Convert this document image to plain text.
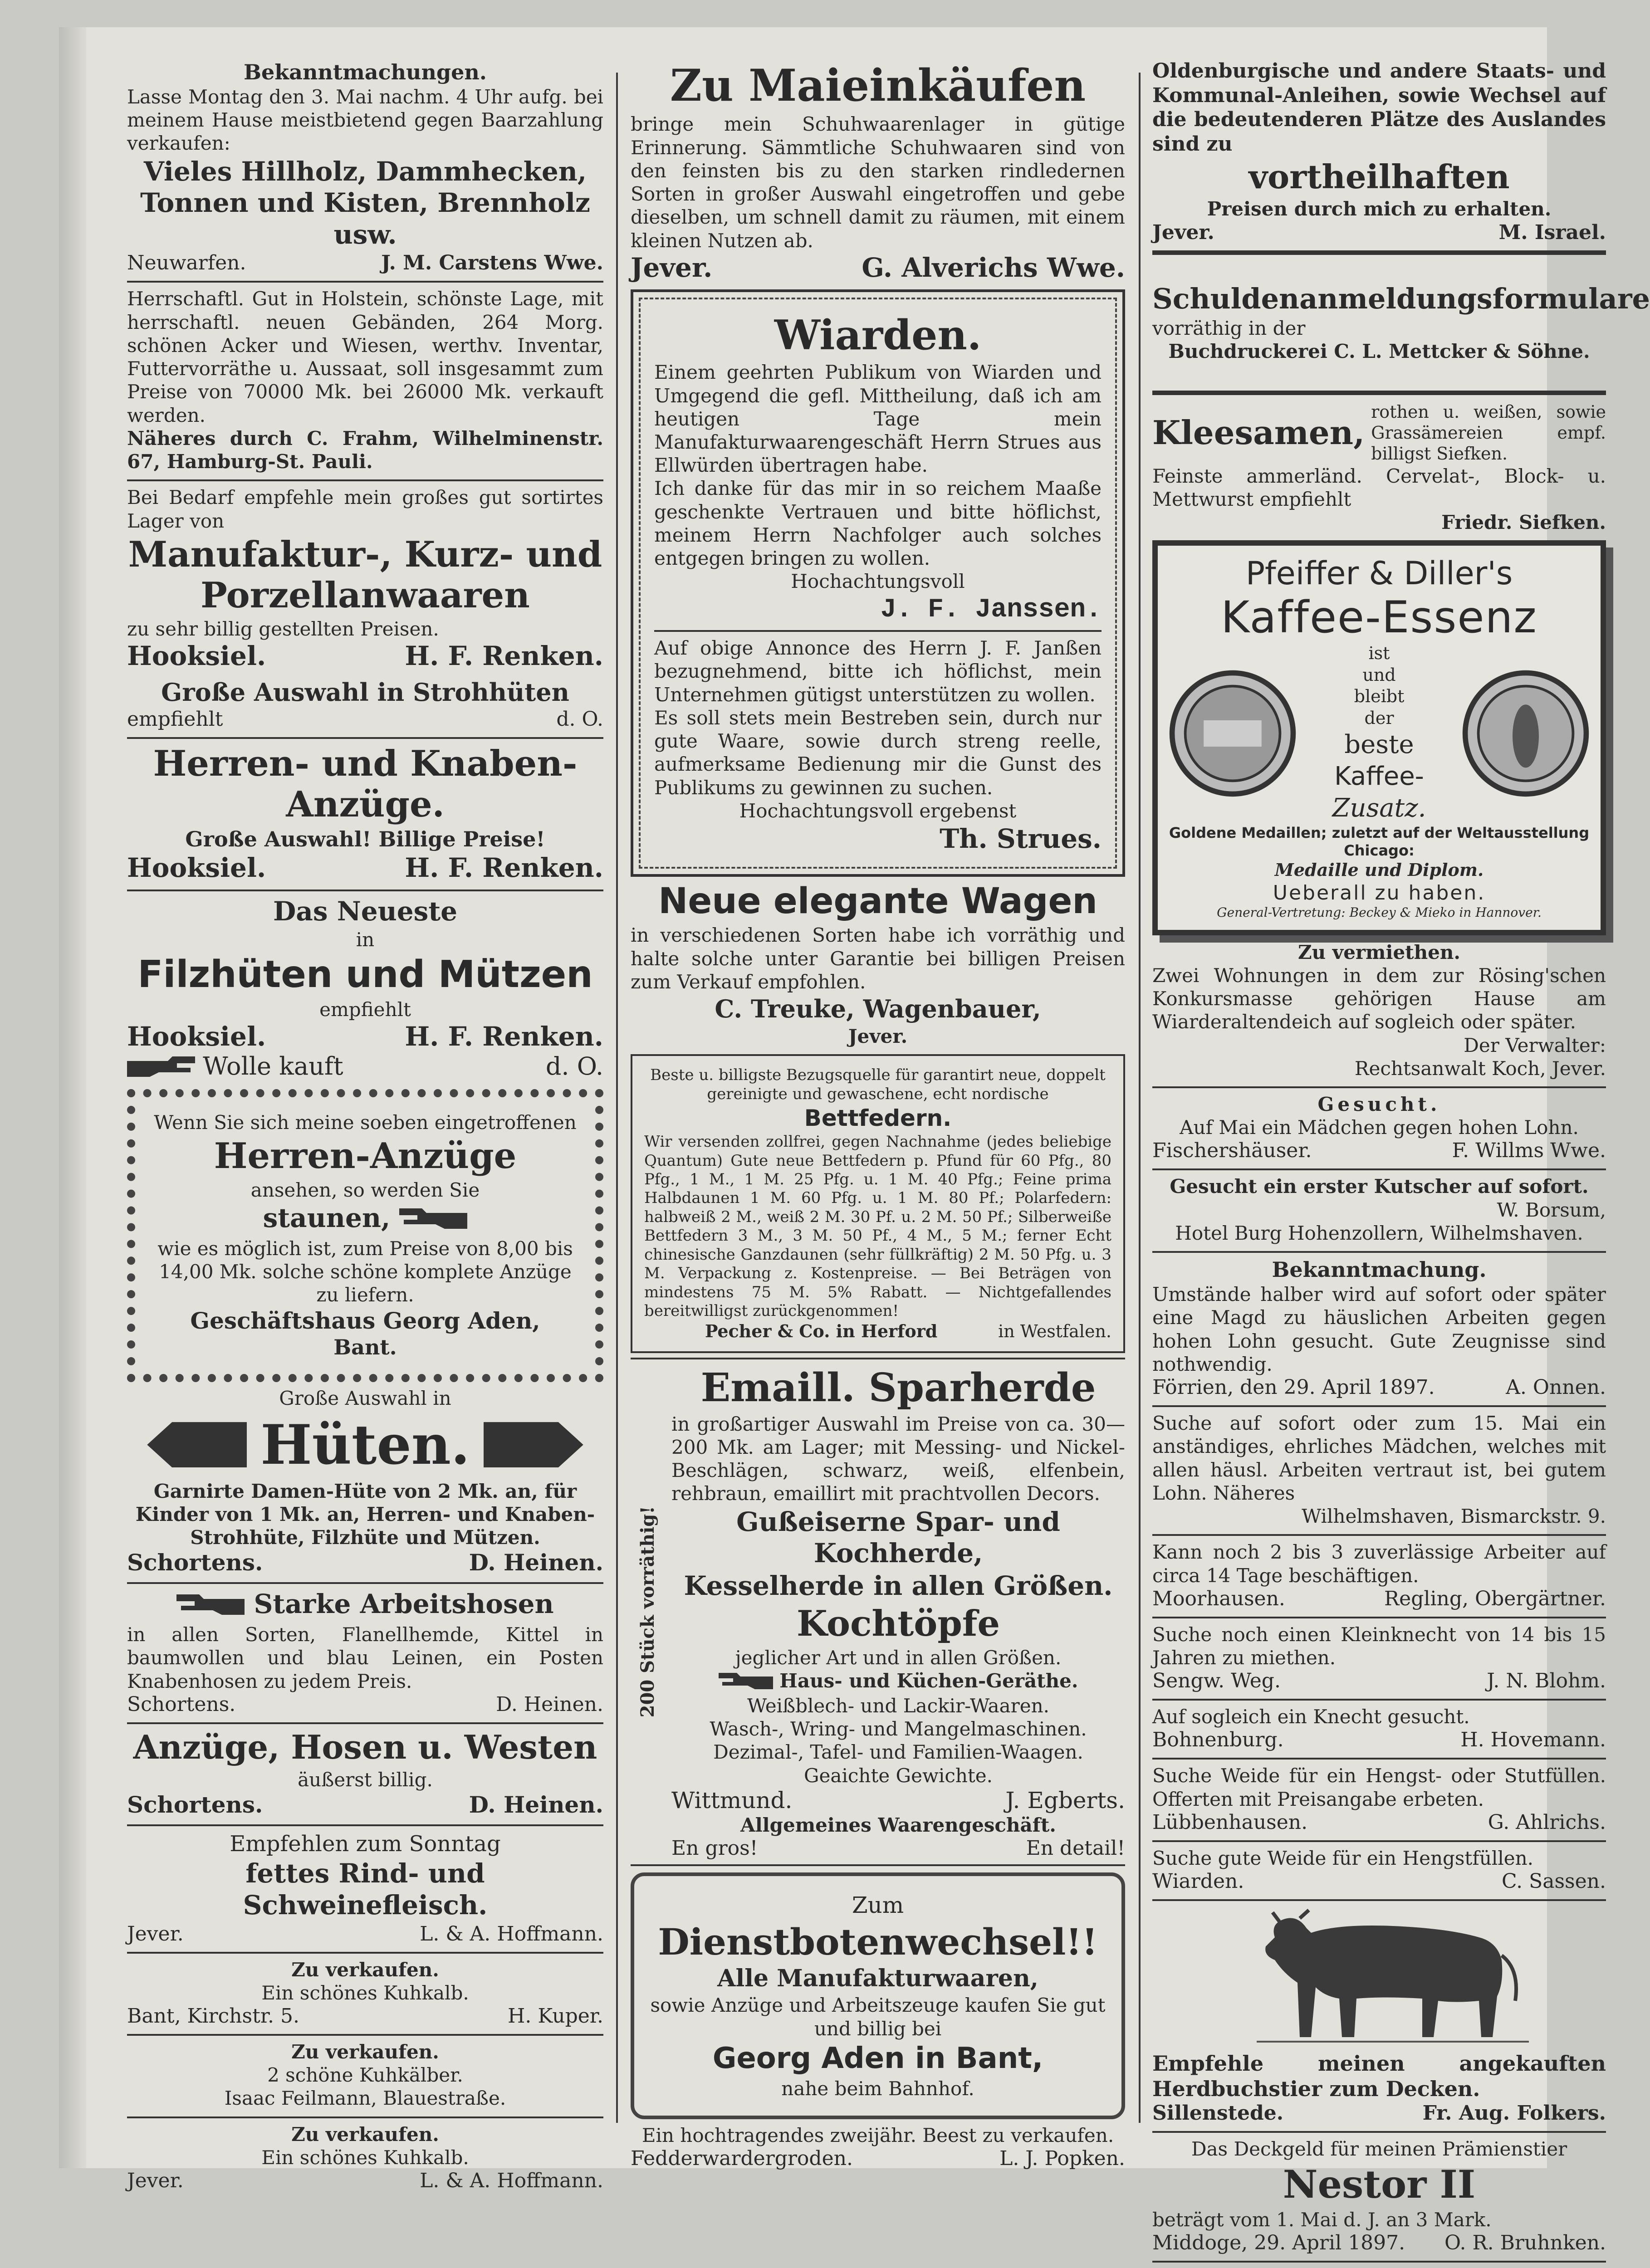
Bekanntmachungen.

Lasse Montag den 3. Mai nachm. 4 Uhr aufg. bei meinem Hause meistbietend gegen Baarzahlung verkaufen:

Vieles Hillholz, Dammhecken, Tonnen und Kisten, Brennholz usw.

Neuwarfen.	J. M. Carstens Wwe.

Herrschaftl. Gut in Holstein, schönste Lage, mit herrschaftl. neuen Gebänden, 264 Morg. schönen Acker und Wiesen, werthv. Inventar, Futtervorräthe u. Aussaat, soll insgesammt zum Preise von 70000 Mk. bei 26000 Mk. verkauft werden.

Näheres durch C. Frahm, Wilhelminenstr. 67, Hamburg-St. Pauli.

Bei Bedarf empfehle mein großes gut sortirtes Lager von

Manufaktur-, Kurz- und Porzellanwaaren

zu sehr billig gestellten Preisen.

Hooksiel.	H. F. Renken.

Große Auswahl in Strohhüten

empfiehlt	d. O.

Herren- und Knaben-Anzüge.

Große Auswahl! Billige Preise!

Hooksiel.	H. F. Renken.

Das Neueste

in

Filzhüten und Mützen

empfiehlt

Hooksiel.	H. F. Renken.
Wolle kauft	d. O.

Wenn Sie sich meine soeben eingetroffenen

Herren-Anzüge

ansehen, so werden Sie

staunen,

wie es möglich ist, zum Preise von 8,00 bis 14,00 Mk. solche schöne komplete Anzüge zu liefern.

Geschäftshaus Georg Aden,

Bant.

Große Auswahl in

Hüten.

Garnirte Damen-Hüte von 2 Mk. an, für Kinder von 1 Mk. an, Herren- und Knaben-Strohhüte, Filzhüte und Mützen.

Schortens.	D. Heinen.

Starke Arbeitshosen

in allen Sorten, Flanellhemde, Kittel in baumwollen und blau Leinen, ein Posten Knabenhosen zu jedem Preis.

Schortens.	D. Heinen.

Anzüge, Hosen u. Westen

äußerst billig.

Schortens.	D. Heinen.

Empfehlen zum Sonntag

fettes Rind- und Schweinefleisch.

Jever.	L. & A. Hoffmann.

Zu verkaufen.

Ein schönes Kuhkalb.

Bant, Kirchstr. 5.	H. Kuper.

Zu verkaufen.

2 schöne Kuhkälber.

Isaac Feilmann, Blauestraße.

Zu verkaufen.

Ein schönes Kuhkalb.

Jever.	L. & A. Hoffmann.

Zu Maieinkäufen

bringe mein Schuhwaarenlager in gütige Erinnerung. Sämmtliche Schuhwaaren sind von den feinsten bis zu den starken rindledernen Sorten in großer Auswahl eingetroffen und gebe dieselben, um schnell damit zu räumen, mit einem kleinen Nutzen ab.

Jever.	G. Alverichs Wwe.

Wiarden.

Einem geehrten Publikum von Wiarden und Umgegend die gefl. Mittheilung, daß ich am heutigen Tage mein Manufakturwaarengeschäft Herrn Strues aus Ellwürden übertragen habe.

Ich danke für das mir in so reichem Maaße geschenkte Vertrauen und bitte höflichst, meinem Herrn Nachfolger auch solches entgegen bringen zu wollen.

Hochachtungsvoll

J. F. Janssen.

Auf obige Annonce des Herrn J. F. Janßen bezugnehmend, bitte ich höflichst, mein Unternehmen gütigst unterstützen zu wollen.

Es soll stets mein Bestreben sein, durch nur gute Waare, sowie durch streng reelle, aufmerksame Bedienung mir die Gunst des Publikums zu gewinnen zu suchen.

Hochachtungsvoll ergebenst

Th. Strues.

Neue elegante Wagen

in verschiedenen Sorten habe ich vorräthig und halte solche unter Garantie bei billigen Preisen zum Verkauf empfohlen.

C. Treuke, Wagenbauer,

Jever.

Beste u. billigste Bezugsquelle für garantirt neue, doppelt gereinigte und gewaschene, echt nordische

Bettfedern.

Wir versenden zollfrei, gegen Nachnahme (jedes beliebige Quantum) Gute neue Bettfedern p. Pfund für 60 Pfg., 80 Pfg., 1 M., 1 M. 25 Pfg. u. 1 M. 40 Pfg.; Feine prima Halbdaunen 1 M. 60 Pfg. u. 1 M. 80 Pf.; Polarfedern: halbweiß 2 M., weiß 2 M. 30 Pf. u. 2 M. 50 Pf.; Silberweiße Bettfedern 3 M., 3 M. 50 Pf., 4 M., 5 M.; ferner Echt chinesische Ganzdaunen (sehr füllkräftig) 2 M. 50 Pfg. u. 3 M. Verpackung z. Kostenpreise. — Bei Beträgen von mindestens 75 M. 5% Rabatt. — Nichtgefallendes bereitwilligst zurückgenommen!

Pecher & Co. in Herford	in Westfalen.
200 Stück vorräthig!

Emaill. Sparherde

in großartiger Auswahl im Preise von ca. 30—200 Mk. am Lager; mit Messing- und Nickel-Beschlägen, schwarz, weiß, elfenbein, rehbraun, emaillirt mit prachtvollen Decors.

Gußeiserne Spar- und Kochherde,

Kesselherde in allen Größen.

Kochtöpfe

jeglicher Art und in allen Größen.

Haus- und Küchen-Geräthe.

Weißblech- und Lackir-Waaren.

Wasch-, Wring- und Mangelmaschinen.

Dezimal-, Tafel- und Familien-Waagen.

Geaichte Gewichte.

Wittmund.	J. Egberts.

Allgemeines Waarengeschäft.

En gros!	En detail!

Zum

Dienstbotenwechsel!!

Alle Manufakturwaaren,

sowie Anzüge und Arbeitszeuge kaufen Sie gut und billig bei

Georg Aden in Bant,

nahe beim Bahnhof.

Ein hochtragendes zweijähr. Beest zu verkaufen.

Fedderwardergroden.	L. J. Popken.

Oldenburgische und andere Staats- und Kommunal-Anleihen, sowie Wechsel auf die bedeutenderen Plätze des Auslandes sind zu

vortheilhaften

Preisen durch mich zu erhalten.

Jever.	M. Israel.

Schuldenanmeldungsformulare

vorräthig in der

Buchdruckerei C. L. Mettcker & Söhne.

Kleesamen,
rothen u. weißen, sowie Grassämereien empf. billigst Siefken.

Feinste ammerländ. Cervelat-, Block- u. Mettwurst empfiehlt

Friedr. Siefken.

Pfeiffer & Diller's

Kaffee-Essenz

ist
und
bleibt
der
beste
Kaffee-
Zusatz.

Goldene Medaillen; zuletzt auf der Weltausstellung Chicago:

Medaille und Diplom.

Ueberall zu haben.

General-Vertretung: Beckey & Mieko in Hannover.

Zu vermiethen.

Zwei Wohnungen in dem zur Rösing'schen Konkursmasse gehörigen Hause am Wiarderaltendeich auf sogleich oder später.

Der Verwalter:

Rechtsanwalt Koch, Jever.

Gesucht.

Auf Mai ein Mädchen gegen hohen Lohn.

Fischershäuser.	F. Willms Wwe.

Gesucht ein erster Kutscher auf sofort.

W. Borsum,

Hotel Burg Hohenzollern, Wilhelmshaven.

Bekanntmachung.

Umstände halber wird auf sofort oder später eine Magd zu häuslichen Arbeiten gegen hohen Lohn gesucht. Gute Zeugnisse sind nothwendig.

Förrien, den 29. April 1897.	A. Onnen.

Suche auf sofort oder zum 15. Mai ein anständiges, ehrliches Mädchen, welches mit allen häusl. Arbeiten vertraut ist, bei gutem Lohn. Näheres

Wilhelmshaven, Bismarckstr. 9.

Kann noch 2 bis 3 zuverlässige Arbeiter auf circa 14 Tage beschäftigen.

Moorhausen.	Regling, Obergärtner.

Suche noch einen Kleinknecht von 14 bis 15 Jahren zu miethen.

Sengw. Weg.	J. N. Blohm.

Auf sogleich ein Knecht gesucht.

Bohnenburg.	H. Hovemann.

Suche Weide für ein Hengst- oder Stutfüllen. Offerten mit Preisangabe erbeten.

Lübbenhausen.	G. Ahlrichs.

Suche gute Weide für ein Hengstfüllen.

Wiarden.	C. Sassen.

Empfehle meinen angekauften Herdbuchstier zum Decken.

Sillenstede.	Fr. Aug. Folkers.

Das Deckgeld für meinen Prämienstier

Nestor II

beträgt vom 1. Mai d. J. an 3 Mark.

Middoge, 29. April 1897. O. R. Bruhnken.
